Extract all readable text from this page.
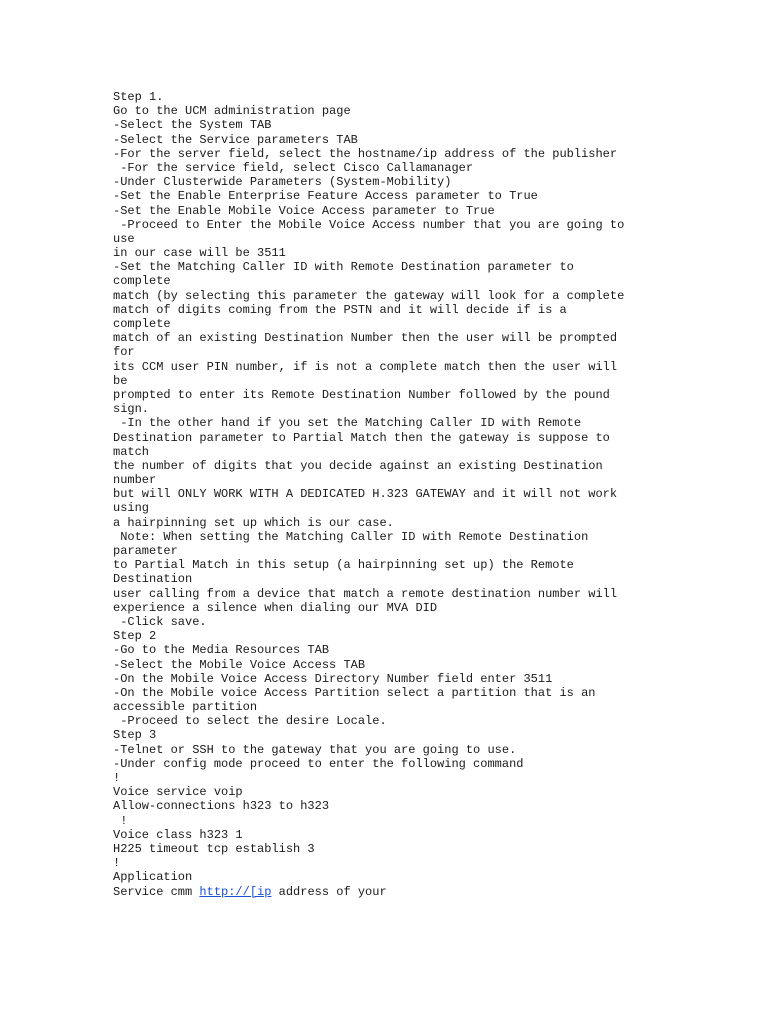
Step 1.
Go to the UCM administration page
-Select the System TAB
-Select the Service parameters TAB
-For the server field, select the hostname/ip address of the publisher
-For the service field, select Cisco Callamanager
-Under Clusterwide Parameters (System-Mobility)
-Set the Enable Enterprise Feature Access parameter to True
-Set the Enable Mobile Voice Access parameter to True
-Proceed to Enter the Mobile Voice Access number that you are going to
use
in our case will be 3511
-Set the Matching Caller ID with Remote Destination parameter to
complete
match (by selecting this parameter the gateway will look for a complete
match of digits coming from the PSTN and it will decide if is a
complete
match of an existing Destination Number then the user will be prompted
for
its CCM user PIN number, if is not a complete match then the user will
be
prompted to enter its Remote Destination Number followed by the pound
sign.
-In the other hand if you set the Matching Caller ID with Remote
Destination parameter to Partial Match then the gateway is suppose to
match
the number of digits that you decide against an existing Destination
number
but will ONLY WORK WITH A DEDICATED H.323 GATEWAY and it will not work
using
a hairpinning set up which is our case.
Note: When setting the Matching Caller ID with Remote Destination
parameter
to Partial Match in this setup (a hairpinning set up) the Remote
Destination
user calling from a device that match a remote destination number will
experience a silence when dialing our MVA DID
-Click save.
Step 2
-Go to the Media Resources TAB
-Select the Mobile Voice Access TAB
-On the Mobile Voice Access Directory Number field enter 3511
-On the Mobile voice Access Partition select a partition that is an
accessible partition
-Proceed to select the desire Locale.
Step 3
-Telnet or SSH to the gateway that you are going to use.
-Under config mode proceed to enter the following command
!
Voice service voip
Allow-connections h323 to h323
!
Voice class h323 1
H225 timeout tcp establish 3
!
Application
Service cmm http://[ip address of your
